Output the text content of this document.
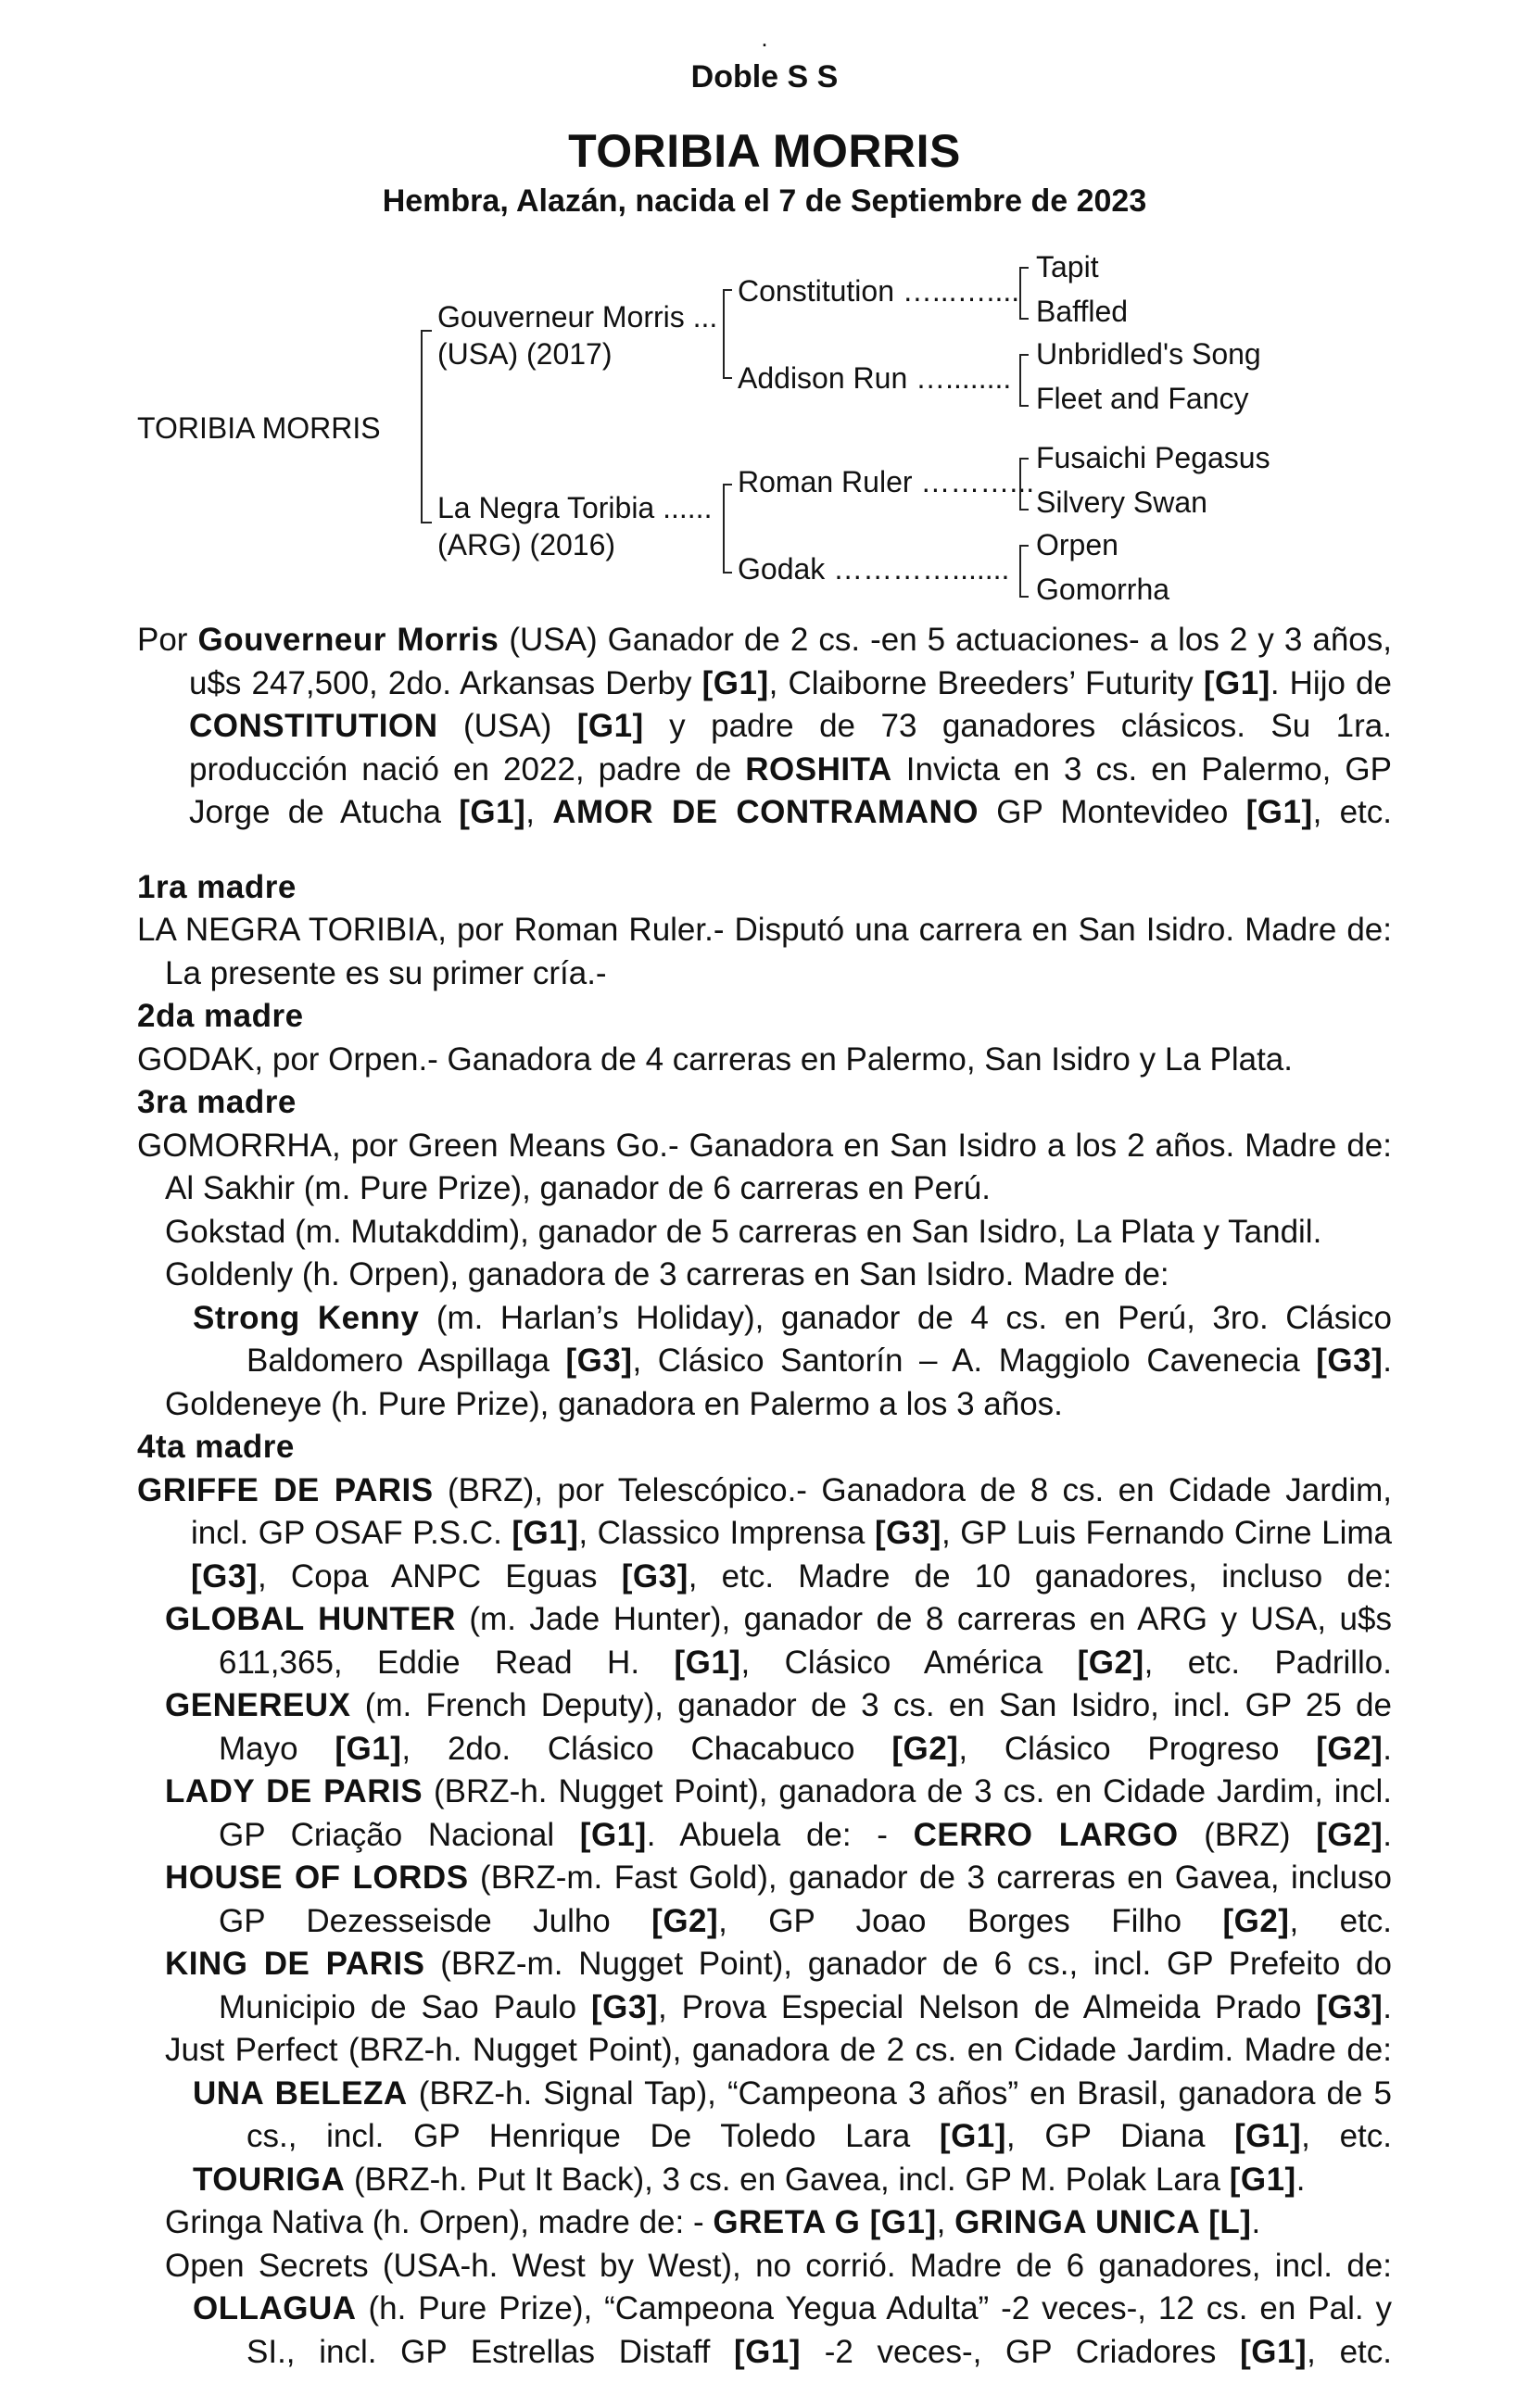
.
Doble S S
TORIBIA MORRIS
Hembra, Alazán, nacida el 7 de Septiembre de 2023
TORIBIA MORRIS
Gouverneur Morris ...
(USA) (2017)
La Negra Toribia ......
(ARG) (2016)
Constitution …...…....
Addison Run …........
Roman Ruler ………...
Godak ………….......
Tapit
Baffled
Unbridled's Song
Fleet and Fancy
Fusaichi Pegasus
Silvery Swan
Orpen
Gomorrha

Por Gouverneur Morris (USA) Ganador de 2 cs. -en 5 actuaciones- a los 2 y 3 años, u$s 247,500, 2do. Arkansas Derby [G1], Claiborne Breeders’ Futurity [G1]. Hijo de CONSTITUTION (USA) [G1] y padre de 73 ganadores clásicos. Su 1ra. producción nació en 2022, padre de ROSHITA Invicta en 3 cs. en Palermo, GP Jorge de Atucha [G1], AMOR DE CONTRAMANO GP Montevideo [G1], etc.

1ra madre

LA NEGRA TORIBIA, por Roman Ruler.- Disputó una carrera en San Isidro. Madre de:

La presente es su primer cría.-

2da madre

GODAK, por Orpen.- Ganadora de 4 carreras en Palermo, San Isidro y La Plata.

3ra madre

GOMORRHA, por Green Means Go.- Ganadora en San Isidro a los 2 años. Madre de:

Al Sakhir (m. Pure Prize), ganador de 6 carreras en Perú.

Gokstad (m. Mutakddim), ganador de 5 carreras en San Isidro, La Plata y Tandil.

Goldenly (h. Orpen), ganadora de 3 carreras en San Isidro. Madre de:

Strong Kenny (m. Harlan’s Holiday), ganador de 4 cs. en Perú, 3ro. Clásico Baldomero Aspillaga [G3], Clásico Santorín – A. Maggiolo Cavenecia [G3].

Goldeneye (h. Pure Prize), ganadora en Palermo a los 3 años.

4ta madre

GRIFFE DE PARIS (BRZ), por Telescópico.- Ganadora de 8 cs. en Cidade Jardim, incl. GP OSAF P.S.C. [G1], Classico Imprensa [G3], GP Luis Fernando Cirne Lima [G3], Copa ANPC Eguas [G3], etc. Madre de 10 ganadores, incluso de:

GLOBAL HUNTER (m. Jade Hunter), ganador de 8 carreras en ARG y USA, u$s 611,365, Eddie Read H. [G1], Clásico América [G2], etc. Padrillo.

GENEREUX (m. French Deputy), ganador de 3 cs. en San Isidro, incl. GP 25 de Mayo [G1], 2do. Clásico Chacabuco [G2], Clásico Progreso [G2].

LADY DE PARIS (BRZ-h. Nugget Point), ganadora de 3 cs. en Cidade Jardim, incl. GP Criação Nacional [G1]. Abuela de: - CERRO LARGO (BRZ) [G2].

HOUSE OF LORDS (BRZ-m. Fast Gold), ganador de 3 carreras en Gavea, incluso GP Dezesseisde Julho [G2], GP Joao Borges Filho [G2], etc.

KING DE PARIS (BRZ-m. Nugget Point), ganador de 6 cs., incl. GP Prefeito do Municipio de Sao Paulo [G3], Prova Especial Nelson de Almeida Prado [G3].

Just Perfect (BRZ-h. Nugget Point), ganadora de 2 cs. en Cidade Jardim. Madre de:

UNA BELEZA (BRZ-h. Signal Tap), “Campeona 3 años” en Brasil, ganadora de 5 cs., incl. GP Henrique De Toledo Lara [G1], GP Diana [G1], etc.

TOURIGA (BRZ-h. Put It Back), 3 cs. en Gavea, incl. GP M. Polak Lara [G1].

Gringa Nativa (h. Orpen), madre de: - GRETA G [G1], GRINGA UNICA [L].

Open Secrets (USA-h. West by West), no corrió. Madre de 6 ganadores, incl. de:

OLLAGUA (h. Pure Prize), “Campeona Yegua Adulta” -2 veces-, 12 cs. en Pal. y SI., incl. GP Estrellas Distaff [G1] -2 veces-, GP Criadores [G1], etc.
